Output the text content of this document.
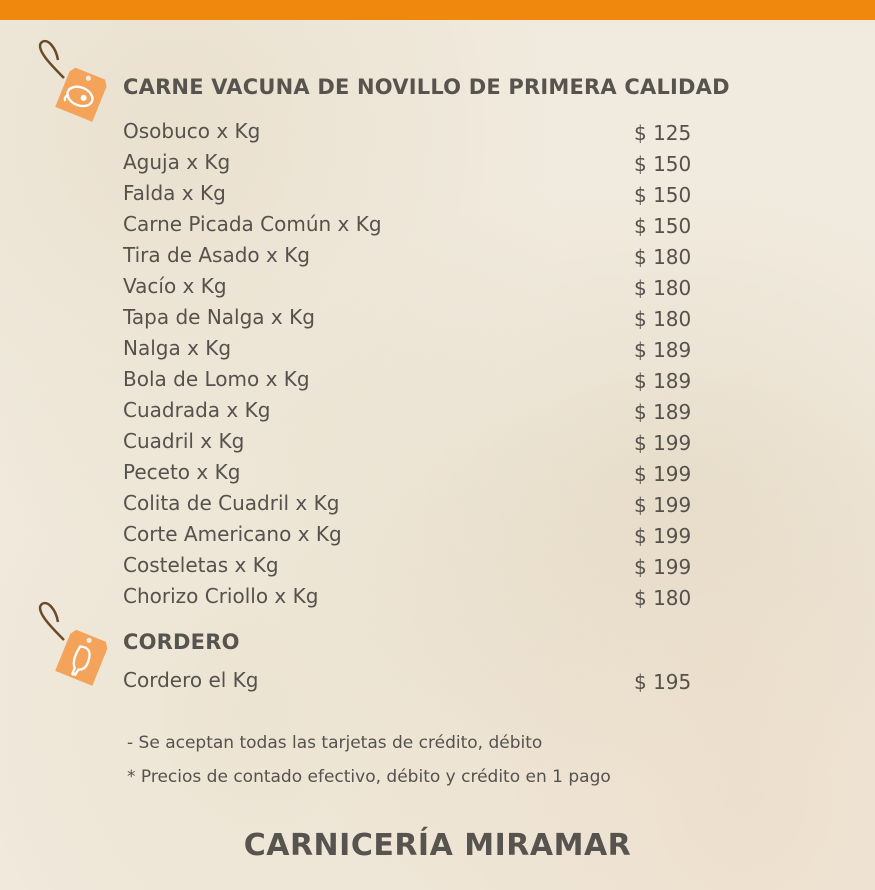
CARNE VACUNA DE NOVILLO DE PRIMERA CALIDAD
Osobuco x Kg	$ 125
Aguja x Kg	$ 150
Falda x Kg	$ 150
Carne Picada Común x Kg	$ 150
Tira de Asado x Kg	$ 180
Vacío x Kg	$ 180
Tapa de Nalga x Kg	$ 180
Nalga x Kg	$ 189
Bola de Lomo x Kg	$ 189
Cuadrada x Kg	$ 189
Cuadril x Kg	$ 199
Peceto x Kg	$ 199
Colita de Cuadril x Kg	$ 199
Corte Americano x Kg	$ 199
Costeletas x Kg	$ 199
Chorizo Criollo x Kg	$ 180
CORDERO
Cordero el Kg	$ 195
- Se aceptan todas las tarjetas de crédito, débito
* Precios de contado efectivo, débito y crédito en 1 pago
CARNICERÍA MIRAMAR
